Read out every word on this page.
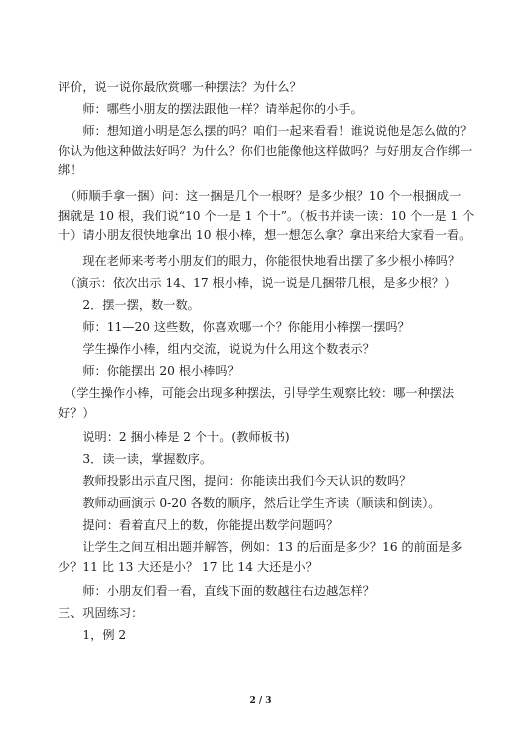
评价，说一说你最欣赏哪一种摆法？为什么？

　　师：哪些小朋友的摆法跟他一样？请举起你的小手。

　　师：想知道小明是怎么摆的吗？咱们一起来看看！谁说说他是怎么做的？
你认为他这种做法好吗？为什么？你们也能像他这样做吗？与好朋友合作绑一
绑！

　（师顺手拿一捆）问：这一捆是几个一根呀？是多少根？10 个一根捆成一
捆就是 10 根，我们说“10 个一是 1 个十”。（板书并读一读：10 个一是 1 个
十）请小朋友很快地拿出 10 根小棒，想一想怎么拿？拿出来给大家看一看。

　　现在老师来考考小朋友们的眼力，你能很快地看出摆了多少根小棒吗？

　（演示：依次出示 14、17 根小棒，说一说是几捆带几根，是多少根？）

　　2．摆一摆，数一数。

　　师：11—20 这些数，你喜欢哪一个？你能用小棒摆一摆吗？

　　学生操作小棒，组内交流，说说为什么用这个数表示？

　　师：你能摆出 20 根小棒吗？

　（学生操作小棒，可能会出现多种摆法，引导学生观察比较：哪一种摆法
好？）

　　说明：2 捆小棒是 2 个十。(教师板书)

　　3．读一读，掌握数序。

　　教师投影出示直尺图，提问：你能读出我们今天认识的数吗？

　　教师动画演示 0-20 各数的顺序，然后让学生齐读（顺读和倒读）。

　　提问：看着直尺上的数，你能提出数学问题吗？

　　让学生之间互相出题并解答，例如：13 的后面是多少？16 的前面是多
少？11 比 13 大还是小？ 17 比 14 大还是小？

　　师：小朋友们看一看，直线下面的数越往右边越怎样？

三、巩固练习：

　　1，例 2

2 / 3
